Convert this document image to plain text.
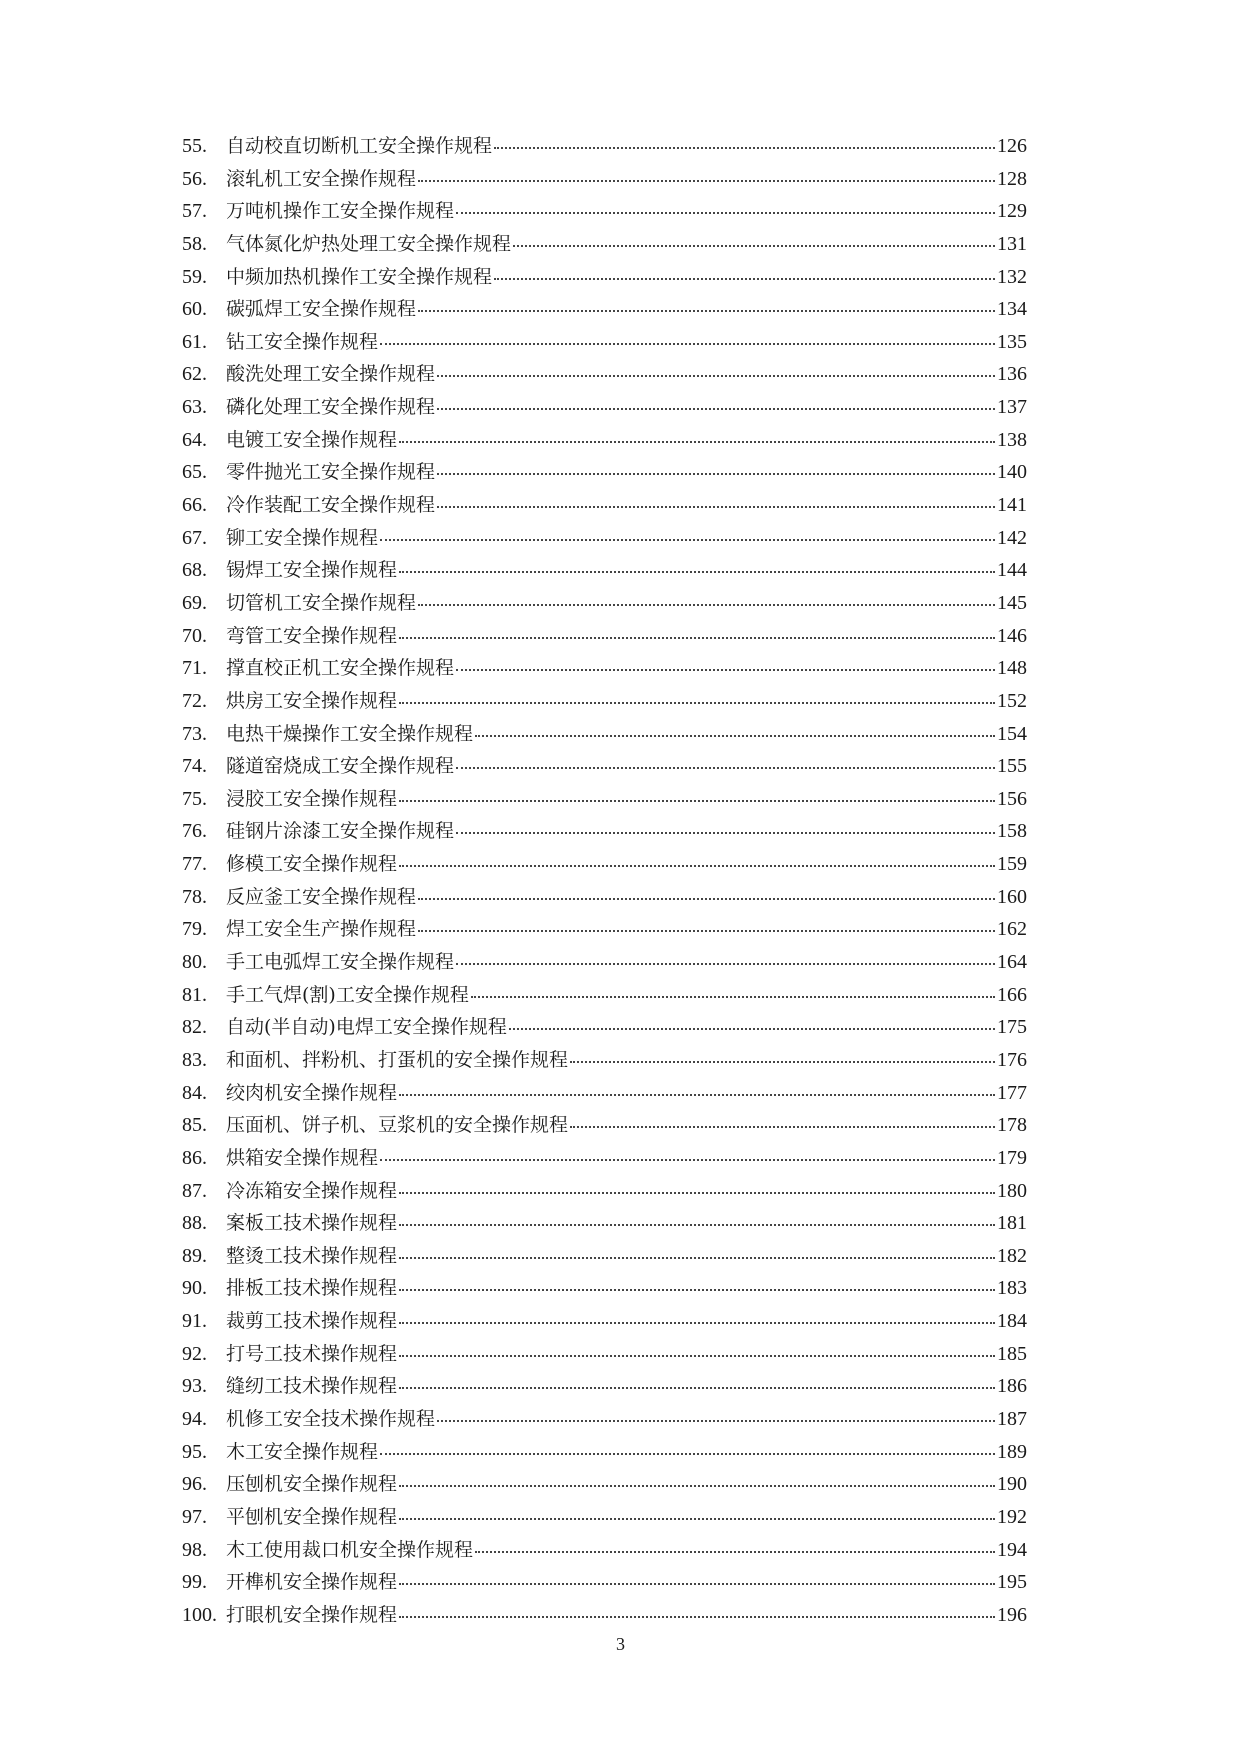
55.	自动校直切断机工安全操作规程	126
56.	滚轧机工安全操作规程	128
57.	万吨机操作工安全操作规程	129
58.	气体氮化炉热处理工安全操作规程	131
59.	中频加热机操作工安全操作规程	132
60.	碳弧焊工安全操作规程	134
61.	钻工安全操作规程	135
62.	酸洗处理工安全操作规程	136
63.	磷化处理工安全操作规程	137
64.	电镀工安全操作规程	138
65.	零件抛光工安全操作规程	140
66.	冷作装配工安全操作规程	141
67.	铆工安全操作规程	142
68.	锡焊工安全操作规程	144
69.	切管机工安全操作规程	145
70.	弯管工安全操作规程	146
71.	撑直校正机工安全操作规程	148
72.	烘房工安全操作规程	152
73.	电热干燥操作工安全操作规程	154
74.	隧道窑烧成工安全操作规程	155
75.	浸胶工安全操作规程	156
76.	硅钢片涂漆工安全操作规程	158
77.	修模工安全操作规程	159
78.	反应釜工安全操作规程	160
79.	焊工安全生产操作规程	162
80.	手工电弧焊工安全操作规程	164
81.	手工气焊(割)工安全操作规程	166
82.	自动(半自动)电焊工安全操作规程	175
83.	和面机、拌粉机、打蛋机的安全操作规程	176
84.	绞肉机安全操作规程	177
85.	压面机、饼子机、豆浆机的安全操作规程	178
86.	烘箱安全操作规程	179
87.	冷冻箱安全操作规程	180
88.	案板工技术操作规程	181
89.	整烫工技术操作规程	182
90.	排板工技术操作规程	183
91.	裁剪工技术操作规程	184
92.	打号工技术操作规程	185
93.	缝纫工技术操作规程	186
94.	机修工安全技术操作规程	187
95.	木工安全操作规程	189
96.	压刨机安全操作规程	190
97.	平刨机安全操作规程	192
98.	木工使用裁口机安全操作规程	194
99.	开榫机安全操作规程	195
100. 打眼机安全操作规程	196
3
